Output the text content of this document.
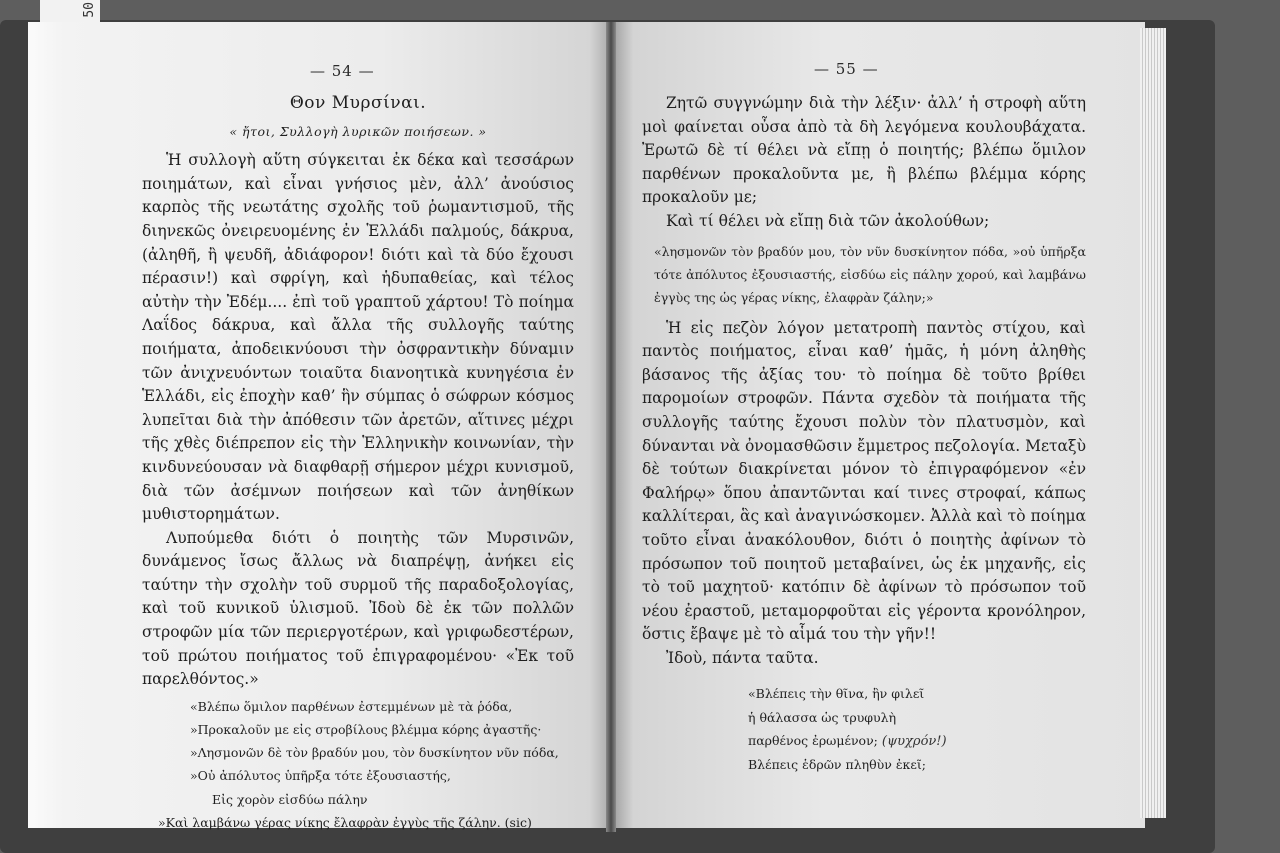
50
— 54 —

Θον Μυρσίναι.

« ἤτοι, Συλλογὴ λυρικῶν ποιήσεων. »

Ἡ συλλογὴ αὕτη σύγκειται ἐκ δέκα καὶ τεσσάρων ποιημάτων, καὶ εἶναι γνήσιος μὲν, ἀλλ’ ἀνούσιος καρπὸς τῆς νεωτάτης σχολῆς τοῦ ῥωμαντισμοῦ, τῆς διηνεκῶς ὀνειρευομένης ἐν Ἑλλάδι παλμούς, δάκρυα, (ἀληθῆ, ἢ ψευδῆ, ἀδιάφορον! διότι καὶ τὰ δύο ἔχουσι πέρασιν!) καὶ σφρίγη, καὶ ἡδυπαθείας, καὶ τέλος αὐτὴν τὴν Ἐδέμ.... ἐπὶ τοῦ γραπτοῦ χάρτου! Τὸ ποίημα Λαΐδος δάκρυα, καὶ ἄλλα τῆς συλλογῆς ταύτης ποιήματα, ἀποδεικνύουσι τὴν ὀσφραντικὴν δύναμιν τῶν ἀνιχνευόντων τοιαῦτα διανοητικὰ κυνηγέσια ἐν Ἑλλάδι, εἰς ἐποχὴν καθ’ ἣν σύμπας ὁ σώφρων κόσμος λυπεῖται διὰ τὴν ἀπόθεσιν τῶν ἀρετῶν, αἵτινες μέχρι τῆς χθὲς διέπρεπον εἰς τὴν Ἑλληνικὴν κοινωνίαν, τὴν κινδυνεύουσαν νὰ διαφθαρῇ σήμερον μέχρι κυνισμοῦ, διὰ τῶν ἀσέμνων ποιήσεων καὶ τῶν ἀνηθίκων μυθιστορημάτων.

Λυπούμεθα διότι ὁ ποιητὴς τῶν Μυρσινῶν, δυνάμενος ἴσως ἄλλως νὰ διαπρέψῃ, ἀνήκει εἰς ταύτην τὴν σχολὴν τοῦ συρμοῦ τῆς παραδοξολογίας, καὶ τοῦ κυνικοῦ ὑλισμοῦ. Ἰδοὺ δὲ ἐκ τῶν πολλῶν στροφῶν μία τῶν περιεργοτέρων, καὶ γριφωδεστέρων, τοῦ πρώτου ποιήματος τοῦ ἐπιγραφομένου· «Ἐκ τοῦ παρελθόντος.»

«Βλέπω ὅμιλον παρθένων ἐστεμμένων μὲ τὰ ῥόδα,
»Προκαλοῦν με εἰς στροβίλους βλέμμα κόρης ἀγαστῆς·
»Λησμονῶν δὲ τὸν βραδύν μου, τὸν δυσκίνητον νῦν πόδα,
»Οὐ ἀπόλυτος ὑπῆρξα τότε ἐξουσιαστής,
Εἰς χορὸν εἰσδύω πάλην
»Καὶ λαμβάνω γέρας νίκης ἔλαφρὰν ἐγγὺς τῆς ζάλην. (sic)
— 55 —

Ζητῶ συγγνώμην διὰ τὴν λέξιν· ἀλλ’ ἡ στροφὴ αὕτη μοὶ φαίνεται οὖσα ἀπὸ τὰ δὴ λεγόμενα κουλουβάχατα. Ἐρωτῶ δὲ τί θέλει νὰ εἴπῃ ὁ ποιητής; βλέπω ὅμιλον παρθένων προκαλοῦντα με, ἢ βλέπω βλέμμα κόρης προκαλοῦν με;

Καὶ τί θέλει νὰ εἴπῃ διὰ τῶν ἀκολούθων;

«λησμονῶν τὸν βραδύν μου, τὸν νῦν δυσκίνητον πόδα, »οὐ ὑπῆρξα τότε ἀπόλυτος ἐξουσιαστής, εἰσδύω εἰς πάλην χορού, καὶ λαμβάνω ἐγγὺς της ὡς γέρας νίκης, ἐλαφρὰν ζάλην;»

Ἡ εἰς πεζὸν λόγον μετατροπὴ παντὸς στίχου, καὶ παντὸς ποιήματος, εἶναι καθ’ ἡμᾶς, ἡ μόνη ἀληθὴς βάσανος τῆς ἀξίας του· τὸ ποίημα δὲ τοῦτο βρίθει παρομοίων στροφῶν. Πάντα σχεδὸν τὰ ποιήματα τῆς συλλογῆς ταύτης ἔχουσι πολὺν τὸν πλατυσμὸν, καὶ δύνανται νὰ ὀνομασθῶσιν ἔμμετρος πεζολογία. Μεταξὺ δὲ τούτων διακρίνεται μόνον τὸ ἐπιγραφόμενον «ἐν Φαλήρῳ» ὅπου ἀπαντῶνται καί τινες στροφαί, κάπως καλλίτεραι, ἃς καὶ ἀναγινώσκομεν. Ἀλλὰ καὶ τὸ ποίημα τοῦτο εἶναι ἀνακόλουθον, διότι ὁ ποιητὴς ἀφίνων τὸ πρόσωπον τοῦ ποιητοῦ μεταβαίνει, ὡς ἐκ μηχανῆς, εἰς τὸ τοῦ μαχητοῦ· κατόπιν δὲ ἀφίνων τὸ πρόσωπον τοῦ νέου ἐραστοῦ, μεταμορφοῦται εἰς γέροντα κρονόληρον, ὅστις ἔβαψε μὲ τὸ αἷμά του τὴν γῆν!!

Ἰδοὺ, πάντα ταῦτα.

«Βλέπεις τὴν θῖνα, ἣν φιλεῖ
ἡ θάλασσα ὡς τρυφυλὴ
παρθένος ἐρωμένον; (ψυχρόν!)
Βλέπεις ἑδρῶν πληθὺν ἐκεῖ;
